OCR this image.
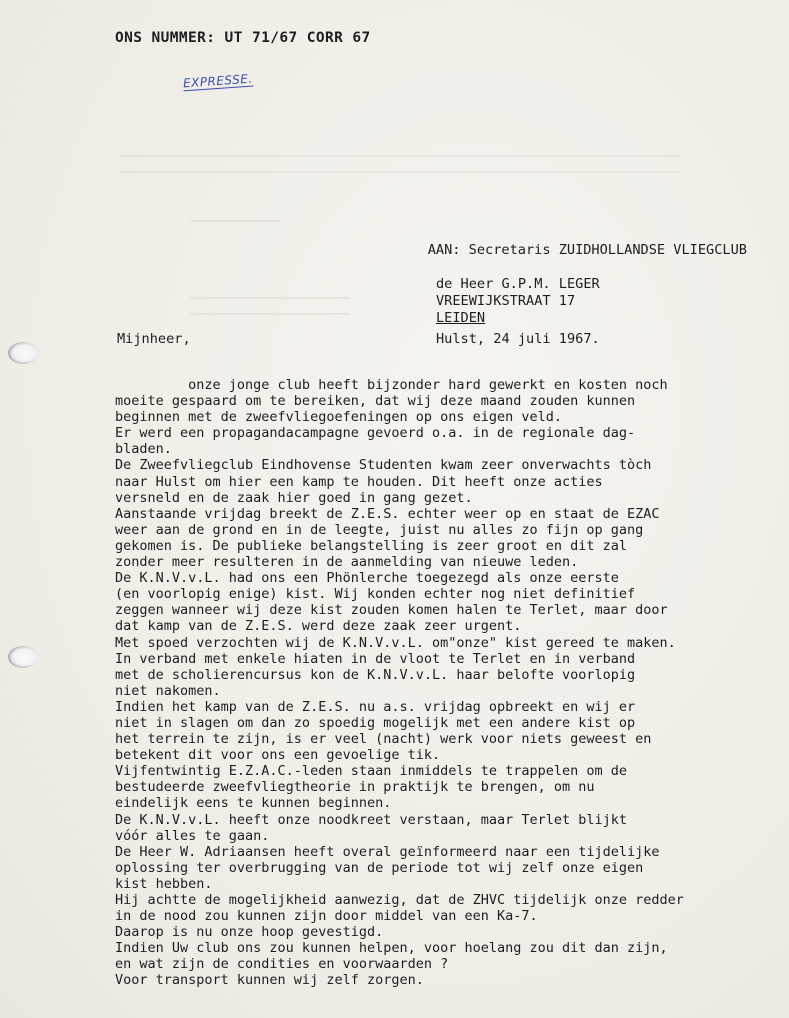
ONS NUMMER: UT 71/67 CORR 67
EXPRESSE.

AAN: Secretaris ZUIDHOLLANDSE VLIEGCLUB

de Heer G.P.M. LEGER
VREEWIJKSTRAAT 17
LEIDEN

Mijnheer,	Hulst, 24 juli 1967.
onze jonge club heeft bijzonder hard gewerkt en kosten noch
moeite gespaard om te bereiken, dat wij deze maand zouden kunnen
beginnen met de zweefvliegoefeningen op ons eigen veld.
Er werd een propagandacampagne gevoerd o.a. in de regionale dag-
bladen.
De Zweefvliegclub Eindhovense Studenten kwam zeer onverwachts tòch
naar Hulst om hier een kamp te houden. Dit heeft onze acties
versneld en de zaak hier goed in gang gezet.
Aanstaande vrijdag breekt de Z.E.S. echter weer op en staat de EZAC
weer aan de grond en in de leegte, juist nu alles zo fijn op gang
gekomen is. De publieke belangstelling is zeer groot en dit zal
zonder meer resulteren in de aanmelding van nieuwe leden.
De K.N.V.v.L. had ons een Phönlerche toegezegd als onze eerste
(en voorlopig enige) kist. Wij konden echter nog niet definitief
zeggen wanneer wij deze kist zouden komen halen te Terlet, maar door
dat kamp van de Z.E.S. werd deze zaak zeer urgent.
Met spoed verzochten wij de K.N.V.v.L. om"onze" kist gereed te maken.
In verband met enkele hiaten in de vloot te Terlet en in verband
met de scholierencursus kon de K.N.V.v.L. haar belofte voorlopig
niet nakomen.
Indien het kamp van de Z.E.S. nu a.s. vrijdag opbreekt en wij er
niet in slagen om dan zo spoedig mogelijk met een andere kist op
het terrein te zijn, is er veel (nacht) werk voor niets geweest en
betekent dit voor ons een gevoelige tik.
Vijfentwintig E.Z.A.C.-leden staan inmiddels te trappelen om de
bestudeerde zweefvliegtheorie in praktijk te brengen, om nu
eindelijk eens te kunnen beginnen.
De K.N.V.v.L. heeft onze noodkreet verstaan, maar Terlet blijkt
vóór alles te gaan.
De Heer W. Adriaansen heeft overal geïnformeerd naar een tijdelijke
oplossing ter overbrugging van de periode tot wij zelf onze eigen
kist hebben.
Hij achtte de mogelijkheid aanwezig, dat de ZHVC tijdelijk onze redder
in de nood zou kunnen zijn door middel van een Ka-7.
Daarop is nu onze hoop gevestigd.
Indien Uw club ons zou kunnen helpen, voor hoelang zou dit dan zijn,
en wat zijn de condities en voorwaarden ?
Voor transport kunnen wij zelf zorgen.
